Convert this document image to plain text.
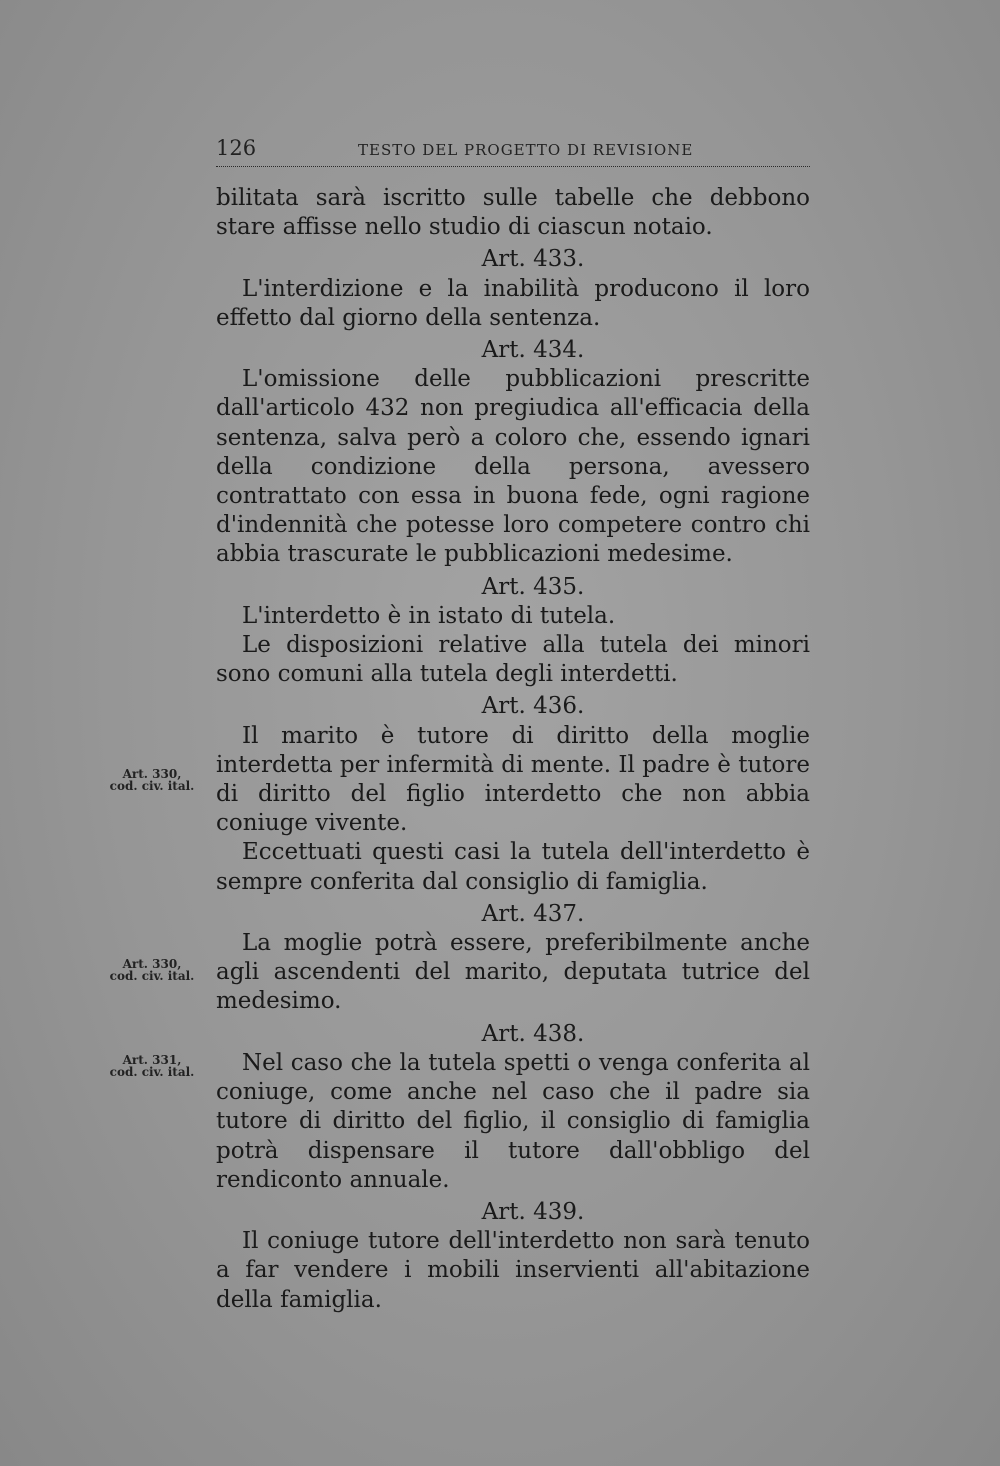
126	TESTO DEL PROGETTO DI REVISIONE

bilitata sarà iscritto sulle tabelle che debbono stare affisse nello studio di ciascun notaio.

Art. 433.

L'interdizione e la inabilità producono il loro effetto dal giorno della sentenza.

Art. 434.

L'omissione delle pubblicazioni prescritte dall'articolo 432 non pregiudica all'efficacia della sentenza, salva però a coloro che, essendo ignari della condizione della persona, avessero contrattato con essa in buona fede, ogni ragione d'indennità che potesse loro competere contro chi abbia trascurate le pubblicazioni medesime.

Art. 435.

L'interdetto è in istato di tutela.

Le disposizioni relative alla tutela dei minori sono comuni alla tutela degli interdetti.

Art. 436.

Il marito è tutore di diritto della moglie interdetta per infermità di mente. Il padre è tutore di diritto del figlio interdetto che non abbia coniuge vivente.

Eccettuati questi casi la tutela dell'interdetto è sempre conferita dal consiglio di famiglia.

Art. 437.

La moglie potrà essere, preferibilmente anche agli ascendenti del marito, deputata tutrice del medesimo.

Art. 438.

Nel caso che la tutela spetti o venga conferita al coniuge, come anche nel caso che il padre sia tutore di diritto del figlio, il consiglio di famiglia potrà dispensare il tutore dall'obbligo del rendiconto annuale.

Art. 439.

Il coniuge tutore dell'interdetto non sarà tenuto a far vendere i mobili inservienti all'abitazione della famiglia.

Art. 330,
cod. civ. ital.
Art. 330,
cod. civ. ital.
Art. 331,
cod. civ. ital.
